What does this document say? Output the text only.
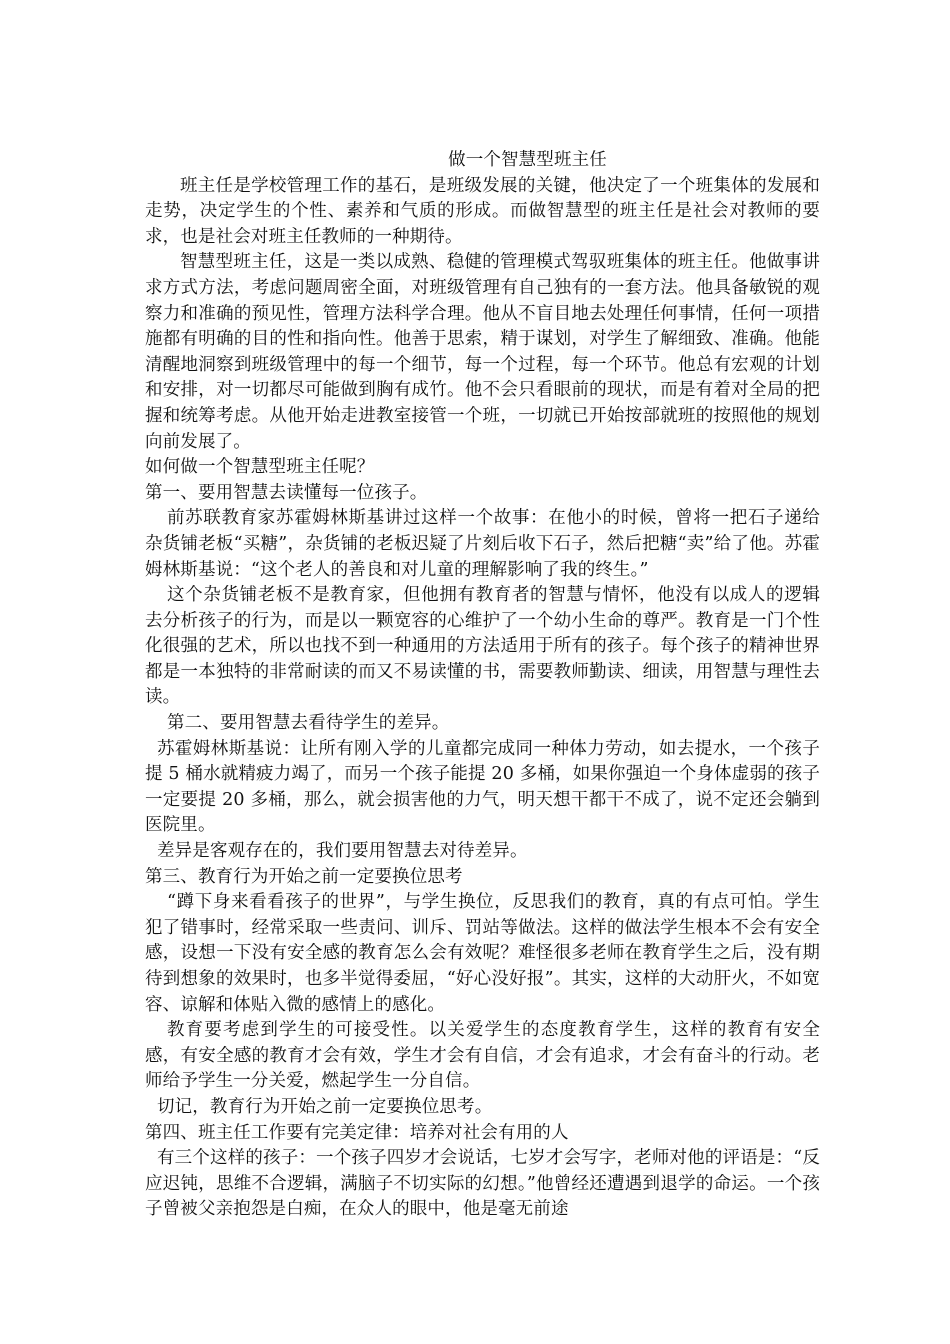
做一个智慧型班主任

班主任是学校管理工作的基石，是班级发展的关键，他决定了一个班集体的发展和走势，决定学生的个性、素养和气质的形成。而做智慧型的班主任是社会对教师的要求，也是社会对班主任教师的一种期待。

智慧型班主任，这是一类以成熟、稳健的管理模式驾驭班集体的班主任。他做事讲求方式方法，考虑问题周密全面，对班级管理有自己独有的一套方法。他具备敏锐的观察力和准确的预见性，管理方法科学合理。他从不盲目地去处理任何事情，任何一项措施都有明确的目的性和指向性。他善于思索，精于谋划，对学生了解细致、准确。他能清醒地洞察到班级管理中的每一个细节，每一个过程，每一个环节。他总有宏观的计划和安排，对一切都尽可能做到胸有成竹。他不会只看眼前的现状，而是有着对全局的把握和统筹考虑。从他开始走进教室接管一个班，一切就已开始按部就班的按照他的规划向前发展了。

如何做一个智慧型班主任呢？

第一、要用智慧去读懂每一位孩子。

前苏联教育家苏霍姆林斯基讲过这样一个故事：在他小的时候，曾将一把石子递给杂货铺老板“买糖”，杂货铺的老板迟疑了片刻后收下石子，然后把糖“卖”给了他。苏霍姆林斯基说：“这个老人的善良和对儿童的理解影响了我的终生。”

这个杂货铺老板不是教育家，但他拥有教育者的智慧与情怀，他没有以成人的逻辑去分析孩子的行为，而是以一颗宽容的心维护了一个幼小生命的尊严。教育是一门个性化很强的艺术，所以也找不到一种通用的方法适用于所有的孩子。每个孩子的精神世界都是一本独特的非常耐读的而又不易读懂的书，需要教师勤读、细读，用智慧与理性去读。

第二、要用智慧去看待学生的差异。

苏霍姆林斯基说：让所有刚入学的儿童都完成同一种体力劳动，如去提水，一个孩子提 5 桶水就精疲力竭了，而另一个孩子能提 20 多桶，如果你强迫一个身体虚弱的孩子一定要提 20 多桶，那么，就会损害他的力气，明天想干都干不成了，说不定还会躺到医院里。

差异是客观存在的，我们要用智慧去对待差异。

第三、教育行为开始之前一定要换位思考

“蹲下身来看看孩子的世界”，与学生换位，反思我们的教育，真的有点可怕。学生犯了错事时，经常采取一些责问、训斥、罚站等做法。这样的做法学生根本不会有安全感，设想一下没有安全感的教育怎么会有效呢？难怪很多老师在教育学生之后，没有期待到想象的效果时，也多半觉得委屈，“好心没好报”。其实，这样的大动肝火，不如宽容、谅解和体贴入微的感情上的感化。

教育要考虑到学生的可接受性。以关爱学生的态度教育学生，这样的教育有安全感，有安全感的教育才会有效，学生才会有自信，才会有追求，才会有奋斗的行动。老师给予学生一分关爱，燃起学生一分自信。

切记，教育行为开始之前一定要换位思考。

第四、班主任工作要有完美定律：培养对社会有用的人

有三个这样的孩子：一个孩子四岁才会说话，七岁才会写字，老师对他的评语是：“反应迟钝，思维不合逻辑，满脑子不切实际的幻想。”他曾经还遭遇到退学的命运。一个孩子曾被父亲抱怨是白痴，在众人的眼中，他是毫无前途
